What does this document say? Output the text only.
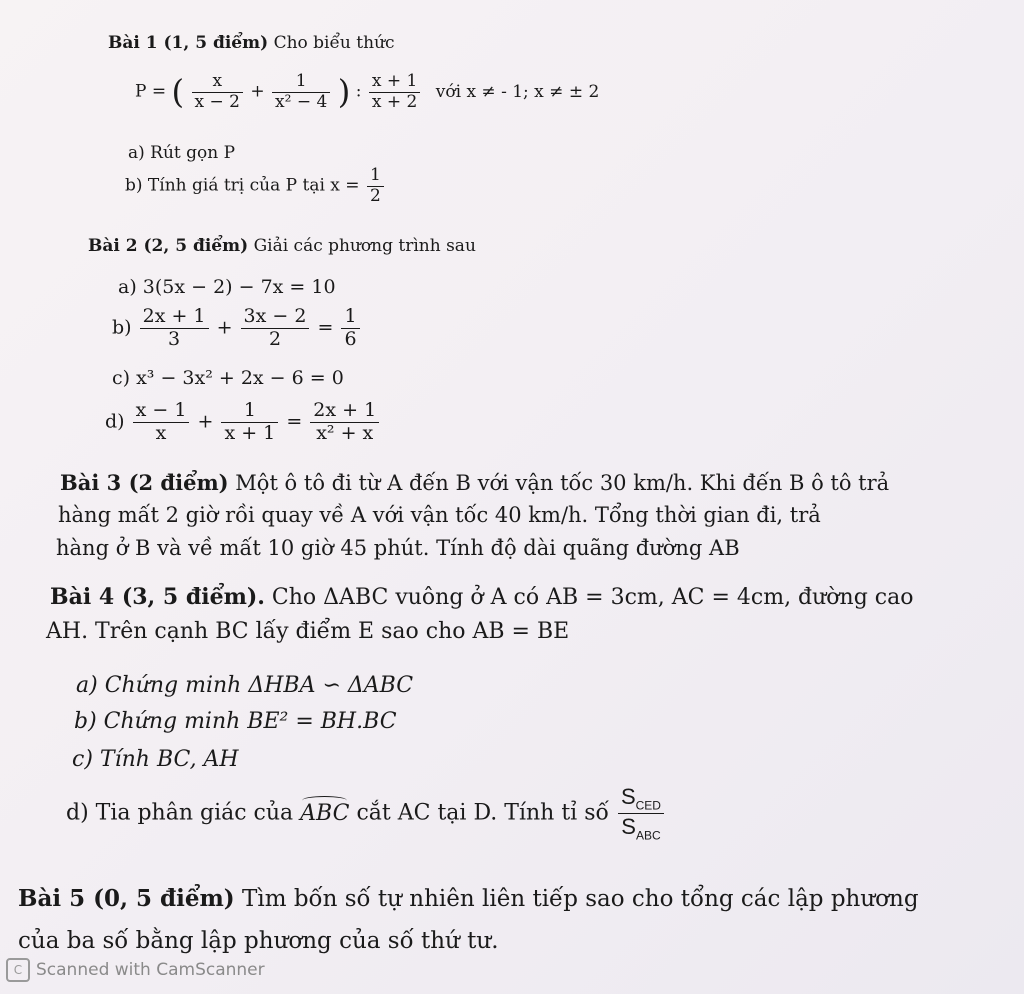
Bài 1 (1, 5 điểm) Cho biểu thức
P = ( $\frac{x}{x - 2} + \frac{1}{\text{x² − 4}}$ ) : $\frac{x + 1}{x + 2}$ với x ≠ - 1; x ≠ ± 2
a) Rút gọn P
b) Tính giá trị của P tại $x = \frac{1}{2}$
Bài 2 (2, 5 điểm) Giải các phương trình sau
a) 3(5x − 2) − 7x = 10
$b) \frac{2x + 1}{3} + \frac{3x - 2}{2} = \frac{1}{6}$
c) x³ − 3x² + 2x − 6 = 0
$d) \frac{x - 1}{x} + \frac{1}{x + 1} = \frac{2x + 1}{\text{x² + x}}$
Bài 3 (2 điểm) Một ô tô đi từ A đến B với vận tốc 30 km/h. Khi đến B ô tô trả
hàng mất 2 giờ rồi quay về A với vận tốc 40 km/h. Tổng thời gian đi, trả
hàng ở B và về mất 10 giờ 45 phút. Tính độ dài quãng đường AB
Bài 4 (3, 5 điểm). Cho ΔABC vuông ở A có AB = 3cm, AC = 4cm, đường cao
AH. Trên cạnh BC lấy điểm E sao cho AB = BE
a) Chứng minh ΔHBA ∽ ΔABC
b) Chứng minh BE² = BH.BC
c) Tính BC, AH
d) Tia phân giác của ABC cắt AC tại D. Tính tỉ số $\frac{S_{CED}}{S_{ABC}}$
Bài 5 (0, 5 điểm) Tìm bốn số tự nhiên liên tiếp sao cho tổng các lập phương
của ba số bằng lập phương của số thứ tư.
C Scanned with CamScanner
